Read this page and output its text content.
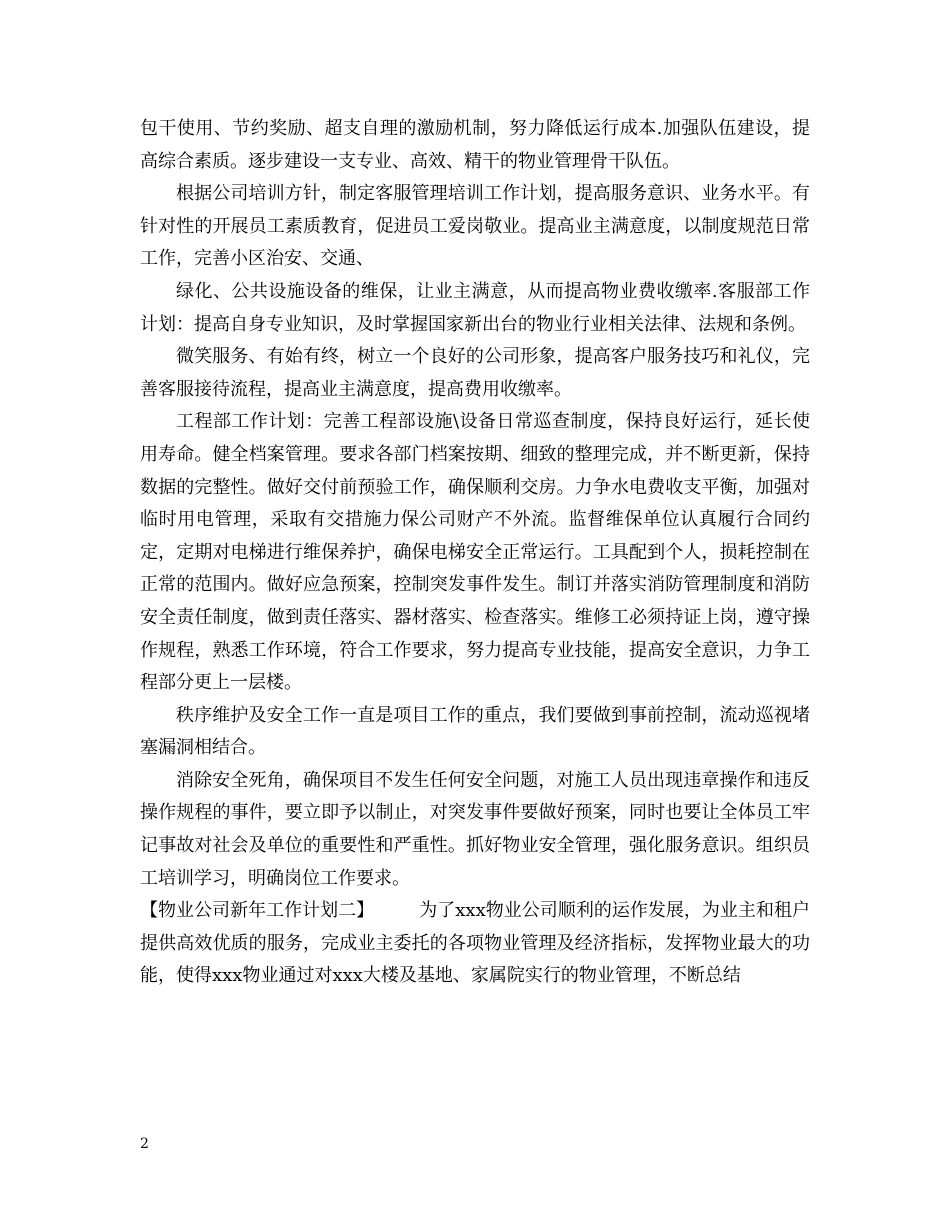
包干使用、节约奖励、超支自理的激励机制，努力降低运行成本.加强队伍建设，提高综合素质。逐步建设一支专业、高效、精干的物业管理骨干队伍。

根据公司培训方针，制定客服管理培训工作计划，提高服务意识、业务水平。有针对性的开展员工素质教育，促进员工爱岗敬业。提高业主满意度，以制度规范日常工作，完善小区治安、交通、

绿化、公共设施设备的维保，让业主满意，从而提高物业费收缴率.客服部工作计划：提高自身专业知识，及时掌握国家新出台的物业行业相关法律、法规和条例。

微笑服务、有始有终，树立一个良好的公司形象，提高客户服务技巧和礼仪，完善客服接待流程，提高业主满意度，提高费用收缴率。

工程部工作计划：完善工程部设施\设备日常巡查制度，保持良好运行，延长使用寿命。健全档案管理。要求各部门档案按期、细致的整理完成，并不断更新，保持数据的完整性。做好交付前预验工作，确保顺利交房。力争水电费收支平衡，加强对临时用电管理，采取有交措施力保公司财产不外流。监督维保单位认真履行合同约定，定期对电梯进行维保养护，确保电梯安全正常运行。工具配到个人，损耗控制在正常的范围内。做好应急预案，控制突发事件发生。制订并落实消防管理制度和消防安全责任制度，做到责任落实、器材落实、检查落实。维修工必须持证上岗，遵守操作规程，熟悉工作环境，符合工作要求，努力提高专业技能，提高安全意识，力争工程部分更上一层楼。

秩序维护及安全工作一直是项目工作的重点，我们要做到事前控制，流动巡视堵塞漏洞相结合。

消除安全死角，确保项目不发生任何安全问题，对施工人员出现违章操作和违反操作规程的事件，要立即予以制止，对突发事件要做好预案，同时也要让全体员工牢记事故对社会及单位的重要性和严重性。抓好物业安全管理，强化服务意识。组织员工培训学习，明确岗位工作要求。

【物业公司新年工作计划二】　　　为了xxx物业公司顺利的运作发展，为业主和租户提供高效优质的服务，完成业主委托的各项物业管理及经济指标，发挥物业最大的功能，使得xxx物业通过对xxx大楼及基地、家属院实行的物业管理，不断总结

2
